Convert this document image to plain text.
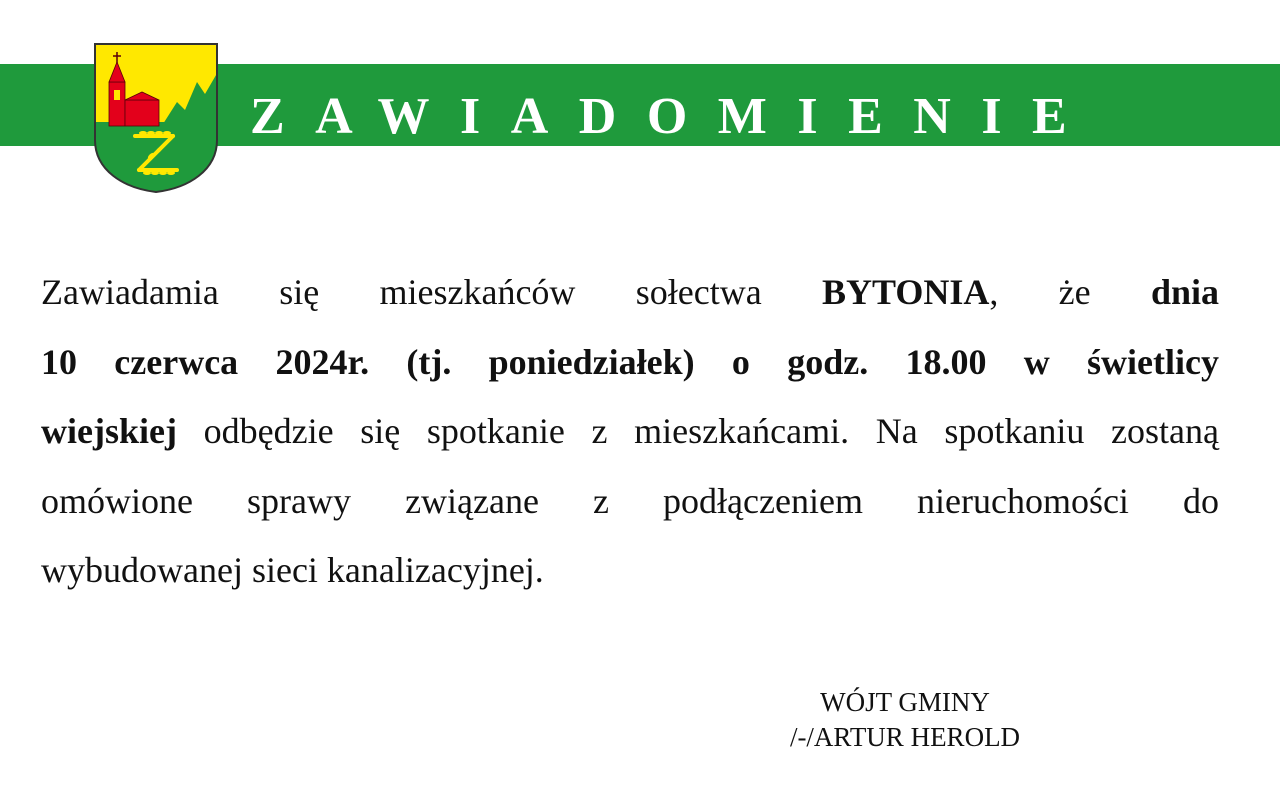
ZAWIADOMIENIE
Zawiadamia się mieszkańców sołectwa BYTONIA, że dnia
10 czerwca 2024r. (tj. poniedziałek) o godz. 18.00 w świetlicy
wiejskiej odbędzie się spotkanie z mieszkańcami. Na spotkaniu zostaną
omówione sprawy związane z podłączeniem nieruchomości do
wybudowanej sieci kanalizacyjnej.
WÓJT GMINY
/-/ARTUR HEROLD
